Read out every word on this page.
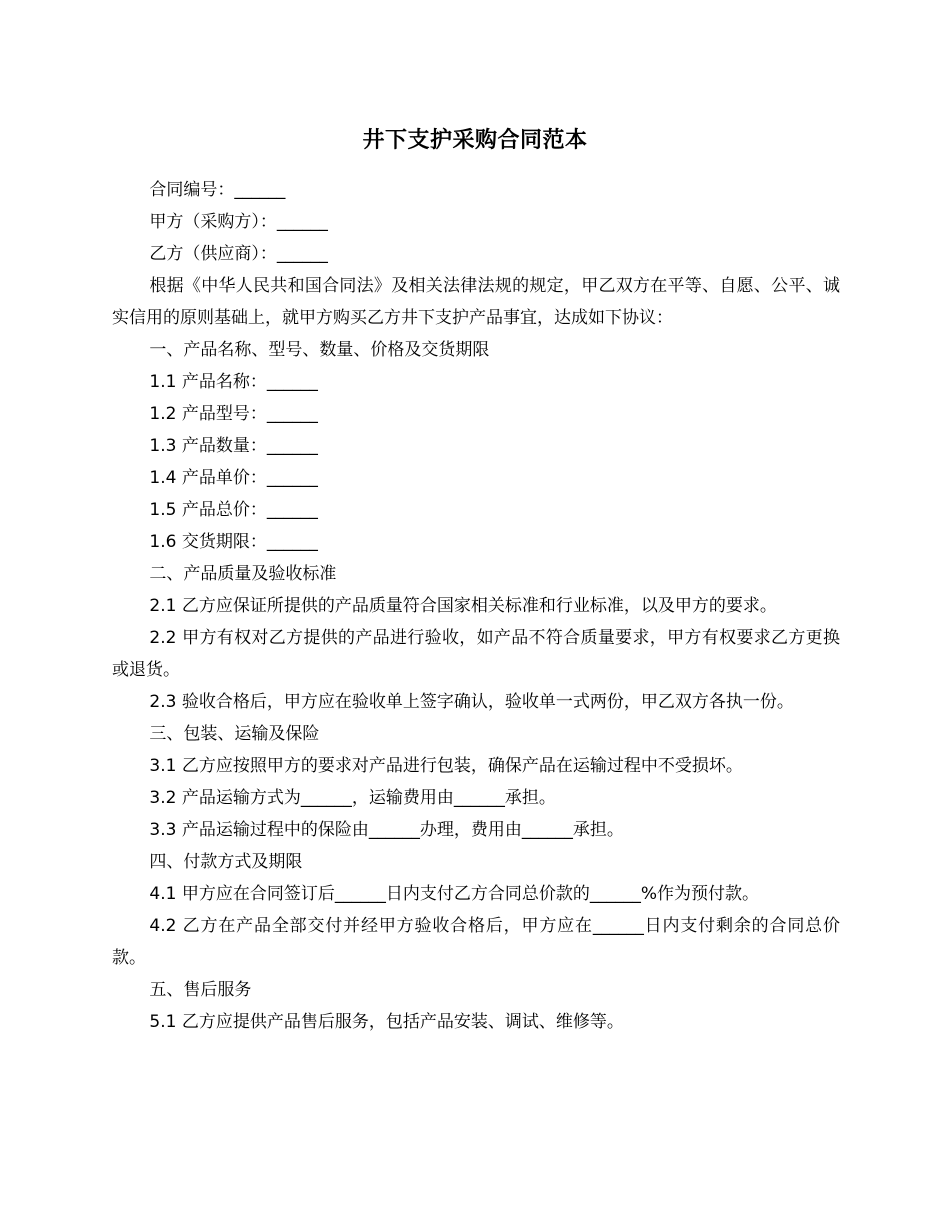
井下支护采购合同范本

合同编号：______

甲方（采购方）：______

乙方（供应商）：______

根据《中华人民共和国合同法》及相关法律法规的规定，甲乙双方在平等、自愿、公平、诚实信用的原则基础上，就甲方购买乙方井下支护产品事宜，达成如下协议：

一、产品名称、型号、数量、价格及交货期限

1.1 产品名称：______

1.2 产品型号：______

1.3 产品数量：______

1.4 产品单价：______

1.5 产品总价：______

1.6 交货期限：______

二、产品质量及验收标准

2.1 乙方应保证所提供的产品质量符合国家相关标准和行业标准，以及甲方的要求。

2.2 甲方有权对乙方提供的产品进行验收，如产品不符合质量要求，甲方有权要求乙方更换或退货。

2.3 验收合格后，甲方应在验收单上签字确认，验收单一式两份，甲乙双方各执一份。

三、包装、运输及保险

3.1 乙方应按照甲方的要求对产品进行包装，确保产品在运输过程中不受损坏。

3.2 产品运输方式为______，运输费用由______承担。

3.3 产品运输过程中的保险由______办理，费用由______承担。

四、付款方式及期限

4.1 甲方应在合同签订后______日内支付乙方合同总价款的______%作为预付款。

4.2 乙方在产品全部交付并经甲方验收合格后，甲方应在______日内支付剩余的合同总价款。

五、售后服务

5.1 乙方应提供产品售后服务，包括产品安装、调试、维修等。
